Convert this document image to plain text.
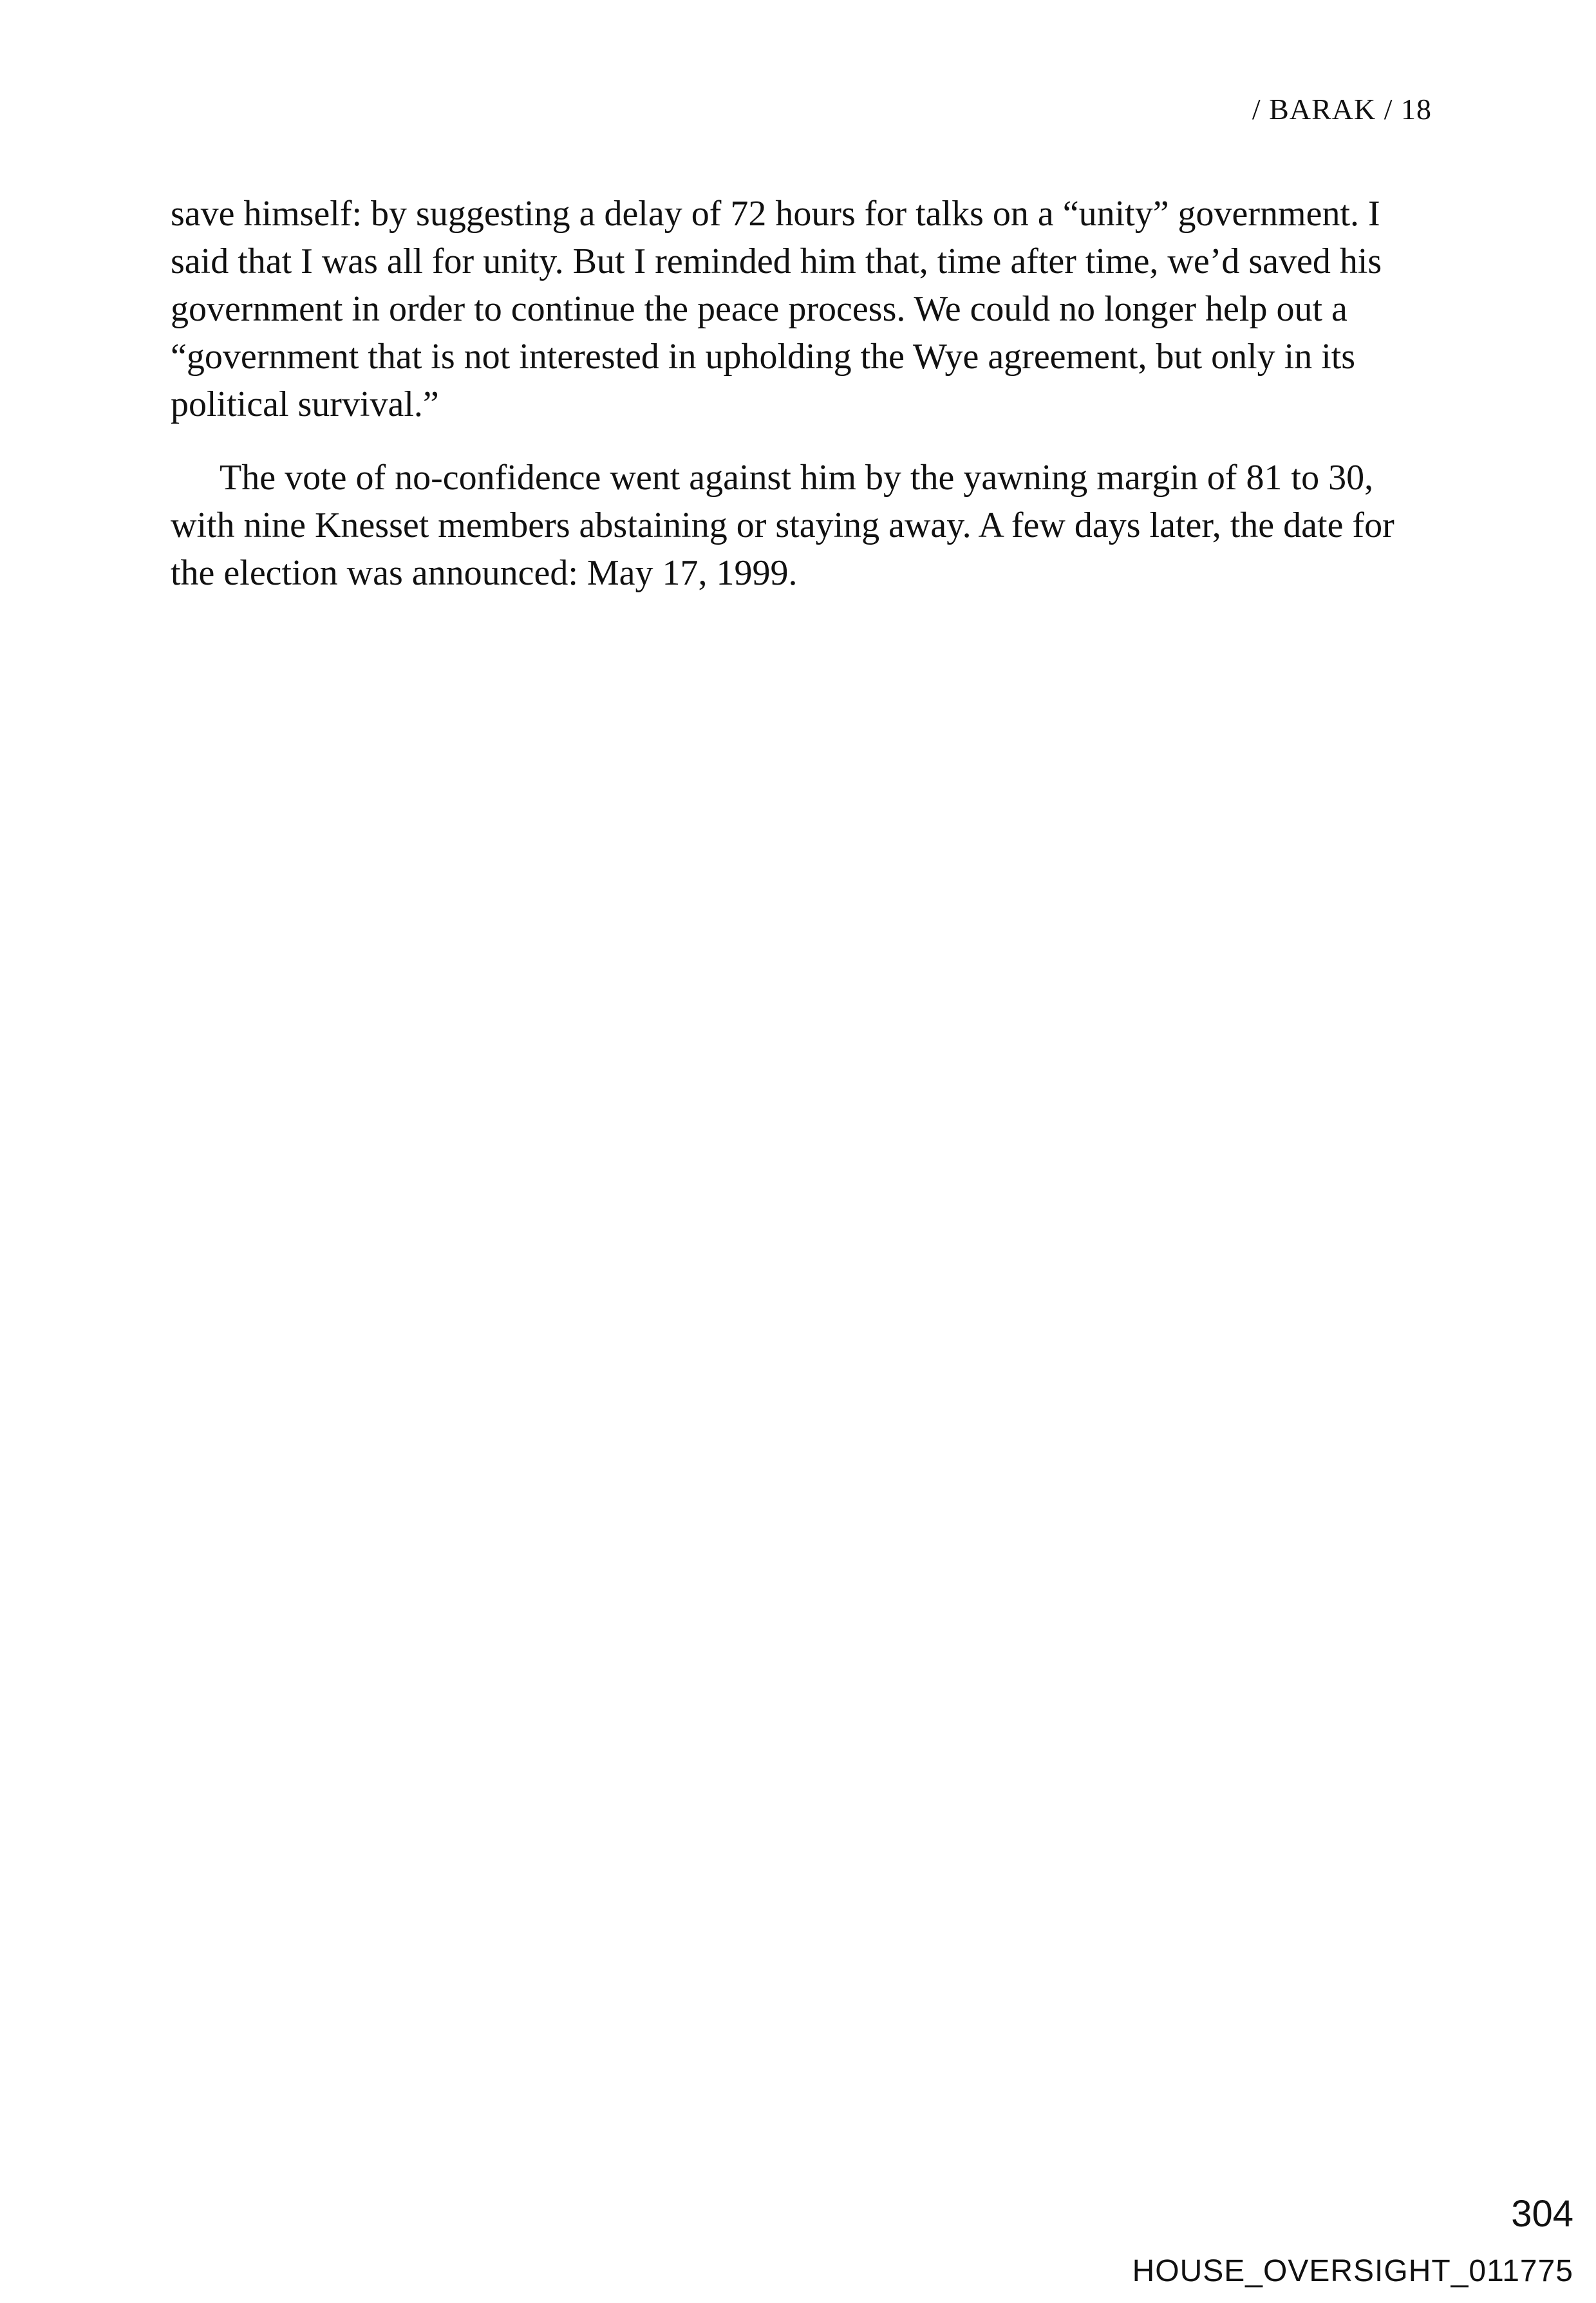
/ BARAK / 18

save himself: by suggesting a delay of 72 hours for talks on a “unity” government. I said that I was all for unity. But I reminded him that, time after time, we’d saved his government in order to continue the peace process. We could no longer help out a “government that is not interested in upholding the Wye agreement, but only in its political survival.”

The vote of no-confidence went against him by the yawning margin of 81 to 30, with nine Knesset members abstaining or staying away. A few days later, the date for the election was announced: May 17, 1999.

304
HOUSE_OVERSIGHT_011775
